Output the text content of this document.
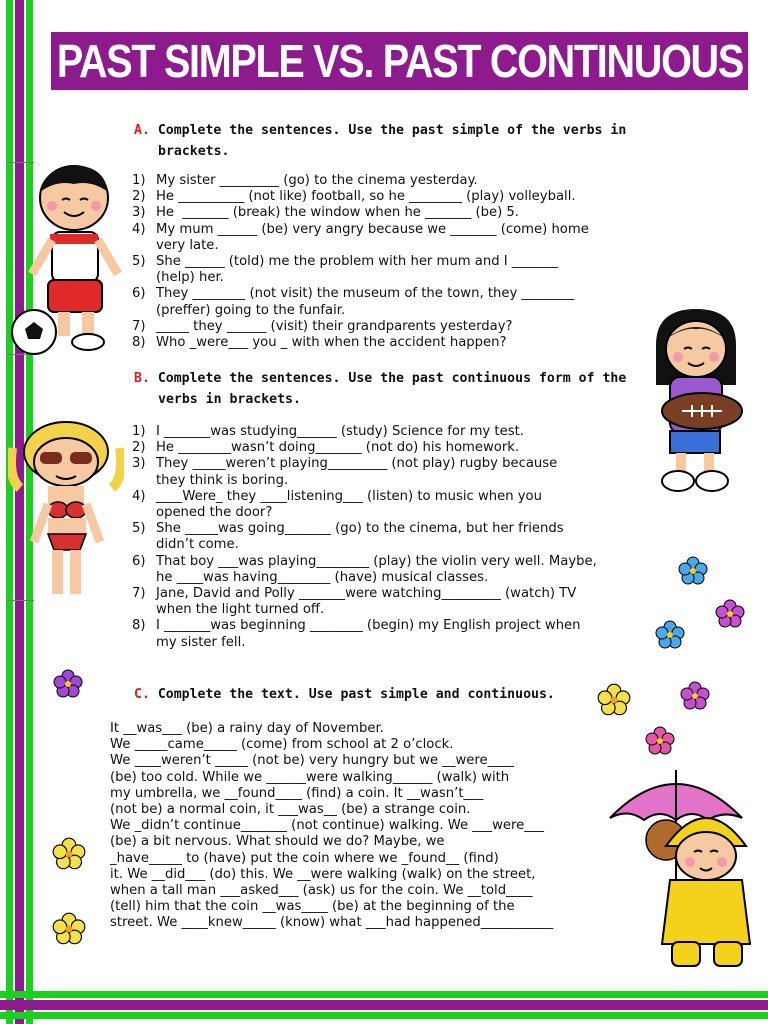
PAST SIMPLE VS. PAST CONTINUOUS
A. Complete the sentences. Use the past simple of the verbs in
brackets.
1) My sister _________ (go) to the cinema yesterday.
2) He __________ (not like) football, so he ________ (play) volleyball.
3) He  _______ (break) the window when he _______ (be) 5.
4) My mum ______ (be) very angry because we _______ (come) home
very late.
5) She ______ (told) me the problem with her mum and I _______
(help) her.
6) They ________ (not visit) the museum of the town, they ________
(preffer) going to the funfair.
7) _____ they ______ (visit) their grandparents yesterday?
8) Who _were___ you _ with when the accident happen?
B. Complete the sentences. Use the past continuous form of the
verbs in brackets.
1) I _______was studying______ (study) Science for my test.
2) He ________wasn’t doing_______ (not do) his homework.
3) They _____weren’t playing_________ (not play) rugby because
they think is boring.
4) ____Were_ they ____listening___ (listen) to music when you
opened the door?
5) She _____was going_______ (go) to the cinema, but her friends
didn’t come.
6) That boy ___was playing________ (play) the violin very well. Maybe,
he ____was having________ (have) musical classes.
7) Jane, David and Polly _______were watching_________ (watch) TV
when the light turned off.
8) I _______was beginning ________ (begin) my English project when
my sister fell.
C. Complete the text. Use past simple and continuous.
It __was___ (be) a rainy day of November.
We _____came_____ (come) from school at 2 o’clock.
We ____weren’t _____ (not be) very hungry but we __were____
(be) too cold. While we ______were walking______ (walk) with
my umbrella, we __found____ (find) a coin. It __wasn’t___
(not be) a normal coin, it ___was__ (be) a strange coin.
We _didn’t continue_______ (not continue) walking. We ___were___
(be) a bit nervous. What should we do? Maybe, we
_have_____ to (have) put the coin where we _found__ (find)
it. We __did___ (do) this. We __were walking (walk) on the street,
when a tall man ___asked___ (ask) us for the coin. We __told____
(tell) him that the coin __was____ (be) at the beginning of the
street. We ____knew_____ (know) what ___had happened___________
